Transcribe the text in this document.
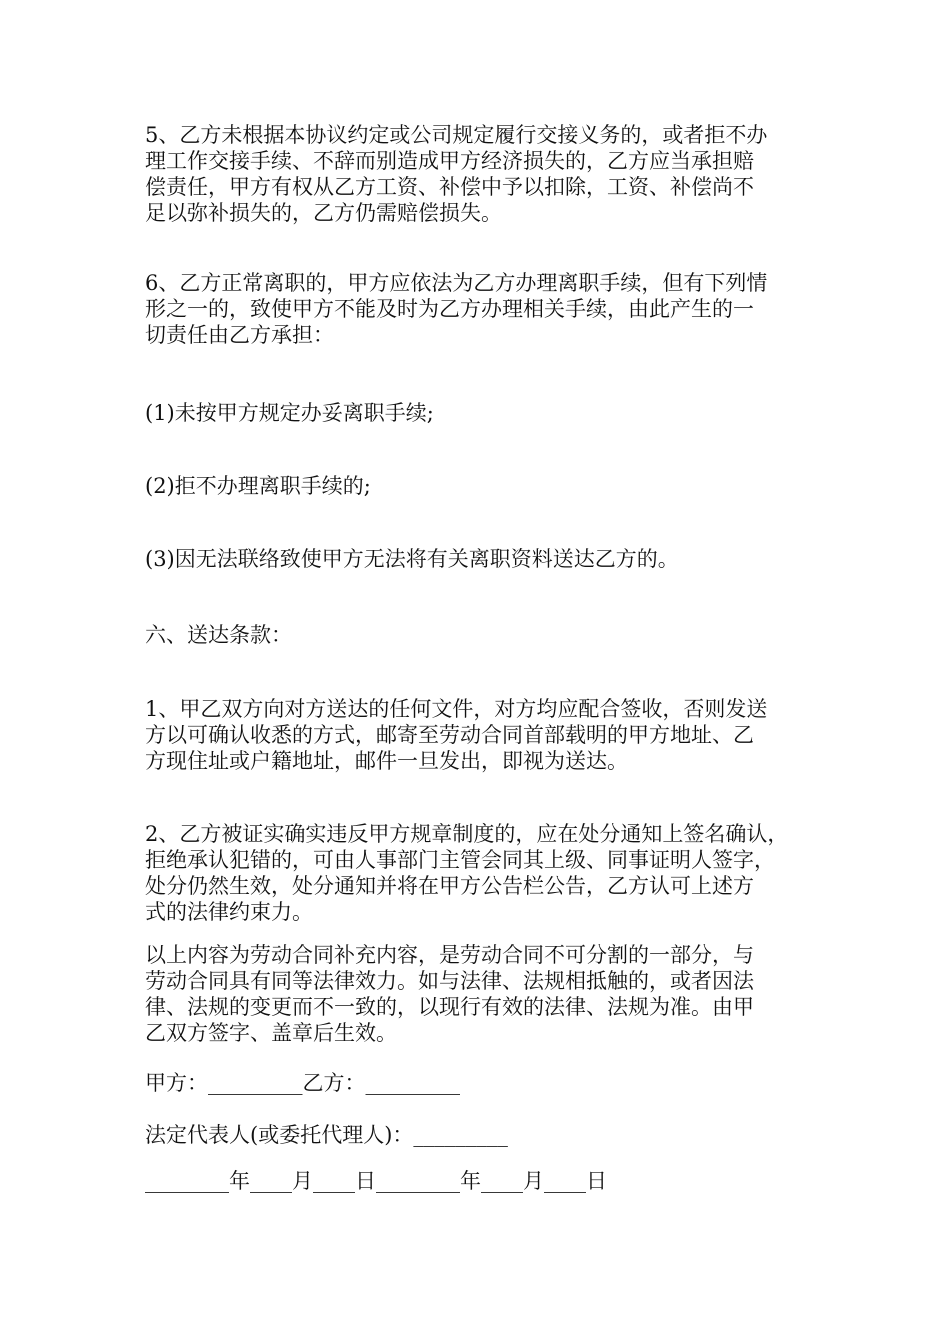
5、乙方未根据本协议约定或公司规定履行交接义务的，或者拒不办
理工作交接手续、不辞而别造成甲方经济损失的，乙方应当承担赔
偿责任，甲方有权从乙方工资、补偿中予以扣除，工资、补偿尚不
足以弥补损失的，乙方仍需赔偿损失。
6、乙方正常离职的，甲方应依法为乙方办理离职手续，但有下列情
形之一的，致使甲方不能及时为乙方办理相关手续，由此产生的一
切责任由乙方承担：
(1)未按甲方规定办妥离职手续;
(2)拒不办理离职手续的;
(3)因无法联络致使甲方无法将有关离职资料送达乙方的。
六、送达条款：
1、甲乙双方向对方送达的任何文件，对方均应配合签收，否则发送
方以可确认收悉的方式，邮寄至劳动合同首部载明的甲方地址、乙
方现住址或户籍地址，邮件一旦发出，即视为送达。
2、乙方被证实确实违反甲方规章制度的，应在处分通知上签名确认，
拒绝承认犯错的，可由人事部门主管会同其上级、同事证明人签字，
处分仍然生效，处分通知并将在甲方公告栏公告，乙方认可上述方
式的法律约束力。
以上内容为劳动合同补充内容，是劳动合同不可分割的一部分，与
劳动合同具有同等法律效力。如与法律、法规相抵触的，或者因法
律、法规的变更而不一致的，以现行有效的法律、法规为准。由甲
乙双方签字、盖章后生效。
甲方：_________乙方：_________
法定代表人(或委托代理人)：_________
________年____月____日________年____月____日
